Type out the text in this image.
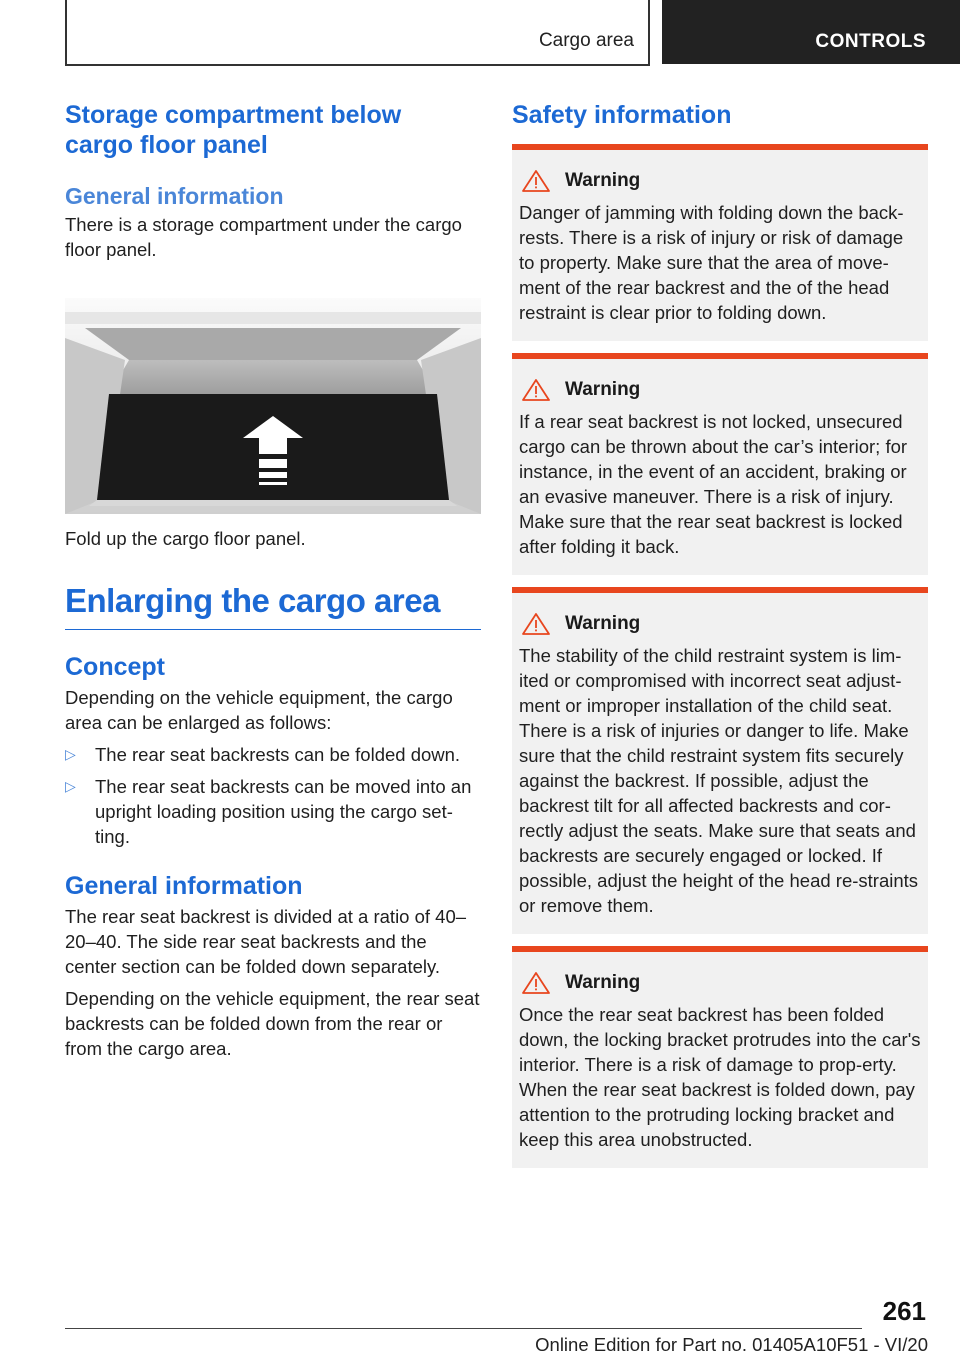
Cargo area	CONTROLS
Storage compartment below
cargo floor panel
General information

There is a storage compartment under the cargo floor panel.

Fold up the cargo floor panel.

Enlarging the cargo area
Concept

Depending on the vehicle equipment, the cargo area can be enlarged as follows:

▷	The rear seat backrests can be folded down.
▷	The rear seat backrests can be moved into an upright loading position using the cargo set-ting.
General information

The rear seat backrest is divided at a ratio of 40–20–40. The side rear seat backrests and the center section can be folded down separately.

Depending on the vehicle equipment, the rear seat backrests can be folded down from the rear or from the cargo area.

Safety information
Warning

Danger of jamming with folding down the back-rests. There is a risk of injury or risk of damage to property. Make sure that the area of move-ment of the rear backrest and the of the head restraint is clear prior to folding down.

Warning

If a rear seat backrest is not locked, unsecured cargo can be thrown about the car’s interior; for instance, in the event of an accident, braking or an evasive maneuver. There is a risk of injury. Make sure that the rear seat backrest is locked after folding it back.

Warning

The stability of the child restraint system is lim-ited or compromised with incorrect seat adjust-ment or improper installation of the child seat. There is a risk of injuries or danger to life. Make sure that the child restraint system fits securely against the backrest. If possible, adjust the backrest tilt for all affected backrests and cor-rectly adjust the seats. Make sure that seats and backrests are securely engaged or locked. If possible, adjust the height of the head re-straints or remove them.

Warning

Once the rear seat backrest has been folded down, the locking bracket protrudes into the car's interior. There is a risk of damage to prop-erty. When the rear seat backrest is folded down, pay attention to the protruding locking bracket and keep this area unobstructed.

261
Online Edition for Part no. 01405A10F51 - VI/20
